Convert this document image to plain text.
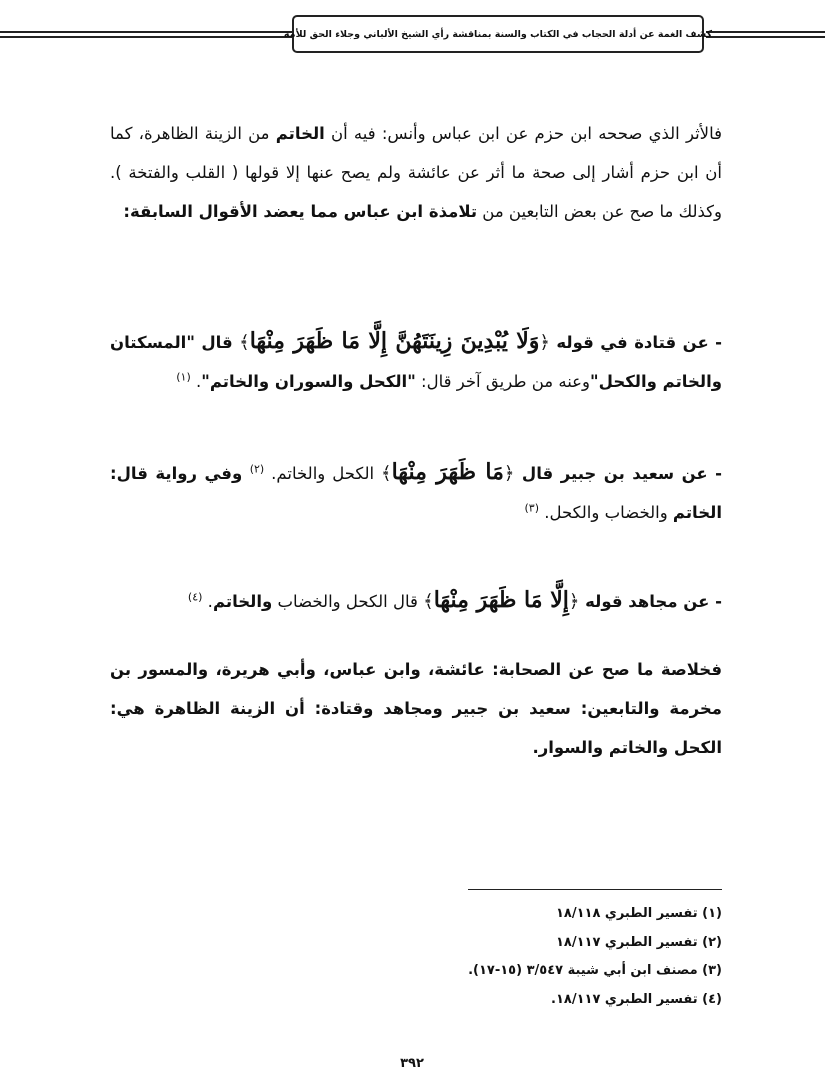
كشف الغمة عن أدلة الحجاب في الكتاب والسنة بمناقشة رأي الشيخ الألباني وجلاء الحق للأمة
فالأثر الذي صححه ابن حزم عن ابن عباس وأنس: فيه أن الخاتم من الزينة الظاهرة، كما أن ابن حزم أشار إلى صحة ما أثر عن عائشة ولم يصح عنها إلا قولها ( القلب والفتخة ). وكذلك ما صح عن بعض التابعين من تلامذة ابن عباس مما يعضد الأقوال السابقة:
- عن قتادة في قوله ﴿وَلَا يُبْدِينَ زِينَتَهُنَّ إِلَّا مَا ظَهَرَ مِنْهَا﴾ قال "المسكتان والخاتم والكحل"وعنه من طريق آخر قال: "الكحل والسوران والخاتم". $^{(١)}$
- عن سعيد بن جبير قال ﴿مَا ظَهَرَ مِنْهَا﴾ الكحل والخاتم. $^{(٢)}$ وفي رواية قال: الخاتم والخضاب والكحل. $^{(٣)}$
- عن مجاهد قوله ﴿إِلَّا مَا ظَهَرَ مِنْهَا﴾ قال الكحل والخضاب والخاتم. $^{(٤)}$
فخلاصة ما صح عن الصحابة: عائشة، وابن عباس، وأبي هريرة، والمسور بن مخرمة والتابعين: سعيد بن جبير ومجاهد وقتادة: أن الزينة الظاهرة هي: الكحل والخاتم والسوار.
(١) تفسير الطبري ١٨/١١٨
(٢) تفسير الطبري ١٨/١١٧
(٣) مصنف ابن أبي شيبة ٣/٥٤٧ (١٥-١٧).
(٤) تفسير الطبري ١٨/١١٧.
٣٩٢
